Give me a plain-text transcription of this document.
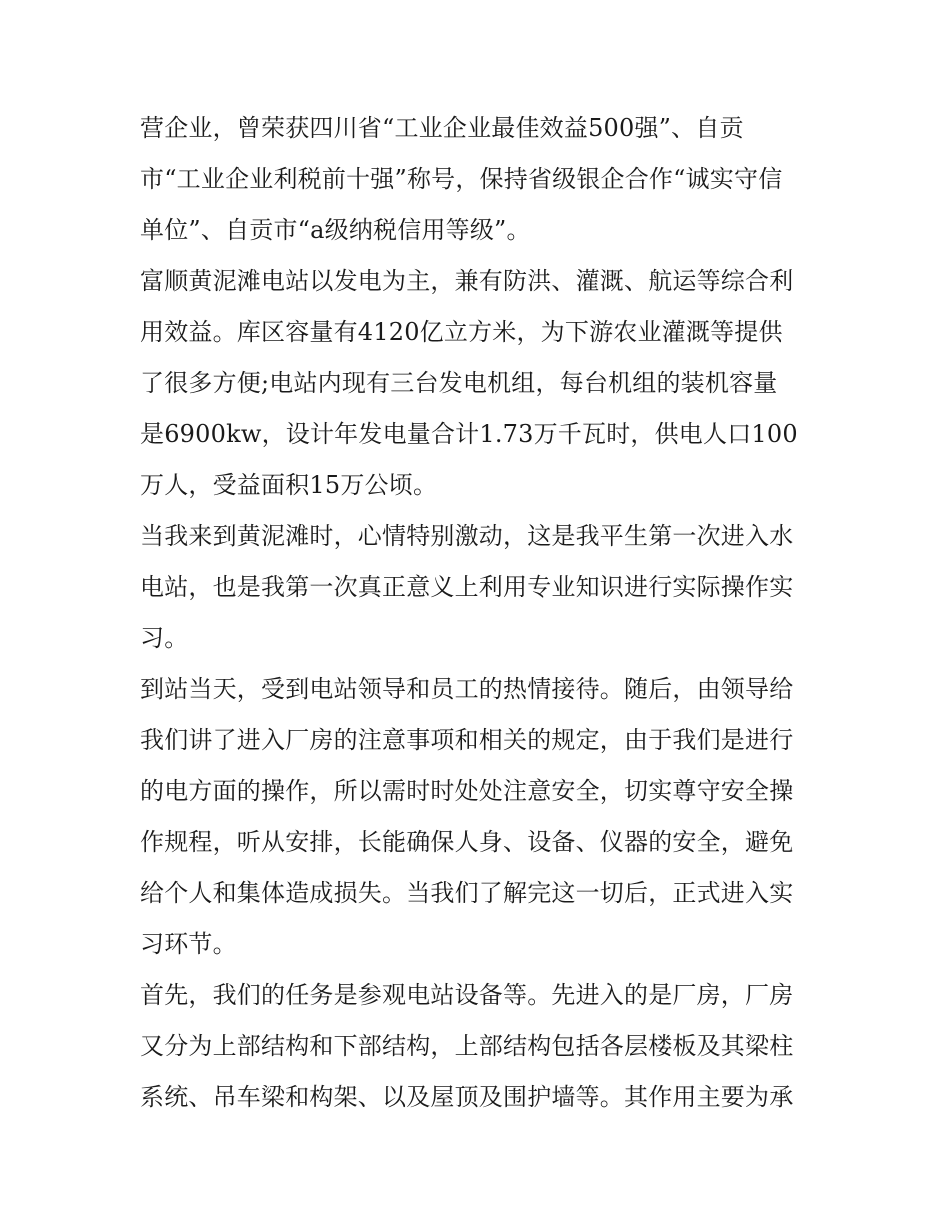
营企业，曾荣获四川省“工业企业最佳效益500强”、自贡
市“工业企业利税前十强”称号，保持省级银企合作“诚实守信
单位”、自贡市“a级纳税信用等级”。
富顺黄泥滩电站以发电为主，兼有防洪、灌溉、航运等综合利
用效益。库区容量有4120亿立方米，为下游农业灌溉等提供
了很多方便;电站内现有三台发电机组，每台机组的装机容量
是6900kw，设计年发电量合计1.73万千瓦时，供电人口100
万人，受益面积15万公顷。
当我来到黄泥滩时，心情特别激动，这是我平生第一次进入水
电站，也是我第一次真正意义上利用专业知识进行实际操作实
习。
到站当天，受到电站领导和员工的热情接待。随后，由领导给
我们讲了进入厂房的注意事项和相关的规定，由于我们是进行
的电方面的操作，所以需时时处处注意安全，切实尊守安全操
作规程，听从安排，长能确保人身、设备、仪器的安全，避免
给个人和集体造成损失。当我们了解完这一切后，正式进入实
习环节。
首先，我们的任务是参观电站设备等。先进入的是厂房，厂房
又分为上部结构和下部结构，上部结构包括各层楼板及其梁柱
系统、吊车梁和构架、以及屋顶及围护墙等。其作用主要为承
